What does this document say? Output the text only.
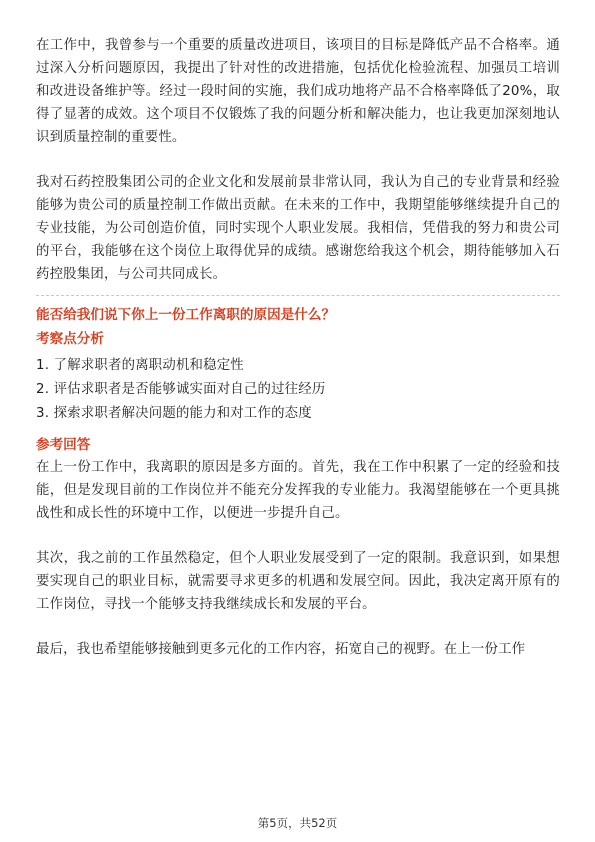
在工作中，我曾参与一个重要的质量改进项目，该项目的目标是降低产品不合格率。通过深入分析问题原因，我提出了针对性的改进措施，包括优化检验流程、加强员工培训和改进设备维护等。经过一段时间的实施，我们成功地将产品不合格率降低了20%，取得了显著的成效。这个项目不仅锻炼了我的问题分析和解决能力，也让我更加深刻地认识到质量控制的重要性。

我对石药控股集团公司的企业文化和发展前景非常认同，我认为自己的专业背景和经验能够为贵公司的质量控制工作做出贡献。在未来的工作中，我期望能够继续提升自己的专业技能，为公司创造价值，同时实现个人职业发展。我相信，凭借我的努力和贵公司的平台，我能够在这个岗位上取得优异的成绩。感谢您给我这个机会，期待能够加入石药控股集团，与公司共同成长。

能否给我们说下你上一份工作离职的原因是什么？
考察点分析
1. 了解求职者的离职动机和稳定性
2. 评估求职者是否能够诚实面对自己的过往经历
3. 探索求职者解决问题的能力和对工作的态度
参考回答

在上一份工作中，我离职的原因是多方面的。首先，我在工作中积累了一定的经验和技能，但是发现目前的工作岗位并不能充分发挥我的专业能力。我渴望能够在一个更具挑战性和成长性的环境中工作，以便进一步提升自己。

其次，我之前的工作虽然稳定，但个人职业发展受到了一定的限制。我意识到，如果想要实现自己的职业目标，就需要寻求更多的机遇和发展空间。因此，我决定离开原有的工作岗位，寻找一个能够支持我继续成长和发展的平台。

最后，我也希望能够接触到更多元化的工作内容，拓宽自己的视野。在上一份工作

第5页，共52页
